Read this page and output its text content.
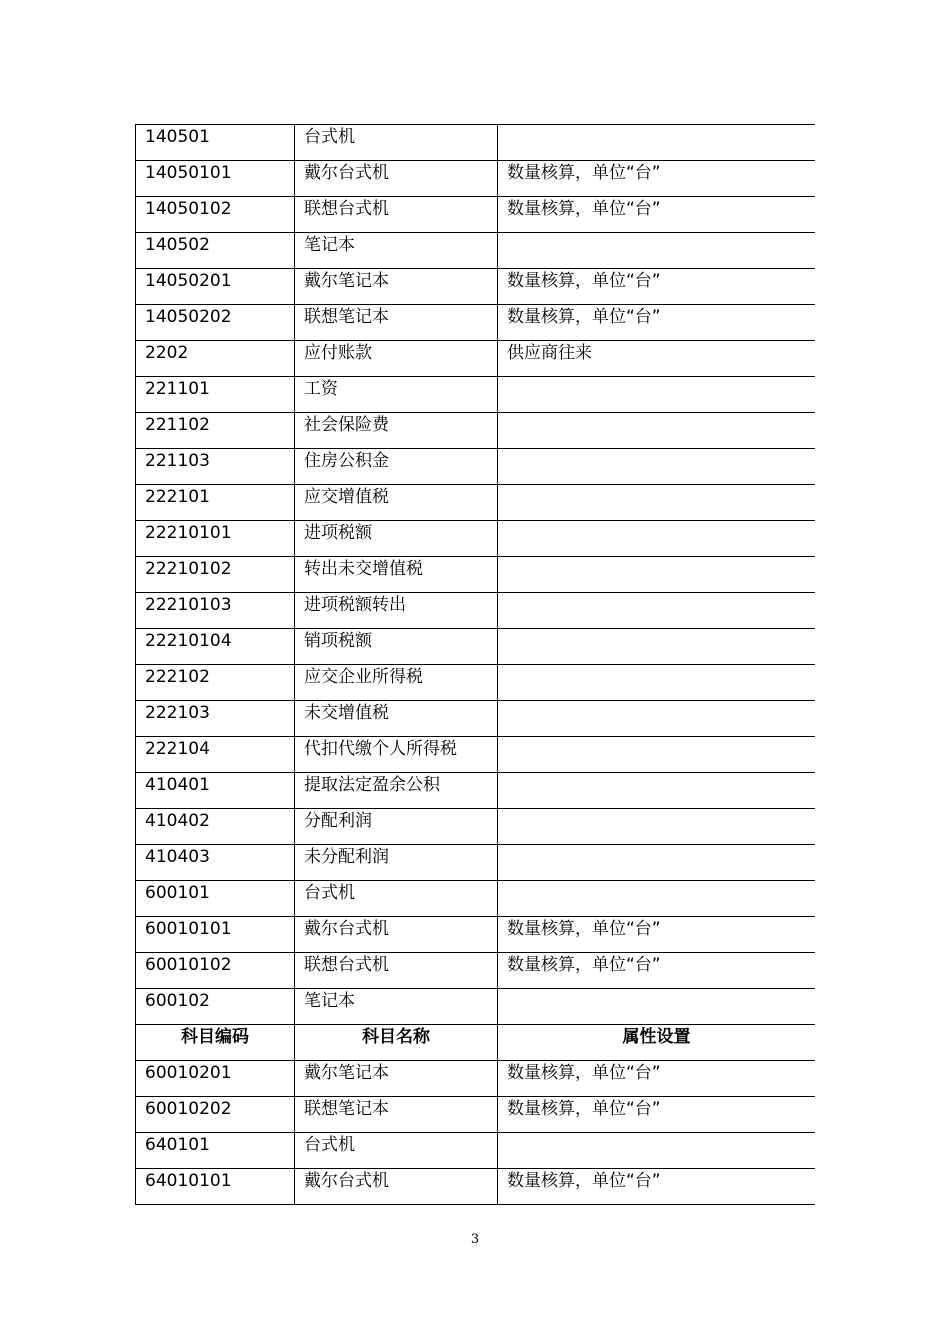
140501	台式机	
14050101	戴尔台式机	数量核算，单位“台”
14050102	联想台式机	数量核算，单位“台”
140502	笔记本	
14050201	戴尔笔记本	数量核算，单位“台”
14050202	联想笔记本	数量核算，单位“台”
2202	应付账款	供应商往来
221101	工资	
221102	社会保险费	
221103	住房公积金	
222101	应交增值税	
22210101	进项税额	
22210102	转出未交增值税	
22210103	进项税额转出	
22210104	销项税额	
222102	应交企业所得税	
222103	未交增值税	
222104	代扣代缴个人所得税	
410401	提取法定盈余公积	
410402	分配利润	
410403	未分配利润	
600101	台式机	
60010101	戴尔台式机	数量核算，单位“台”
60010102	联想台式机	数量核算，单位“台”
600102	笔记本	
科目编码	科目名称	属性设置
60010201	戴尔笔记本	数量核算，单位“台”
60010202	联想笔记本	数量核算，单位“台”
640101	台式机	
64010101	戴尔台式机	数量核算，单位“台”
3
